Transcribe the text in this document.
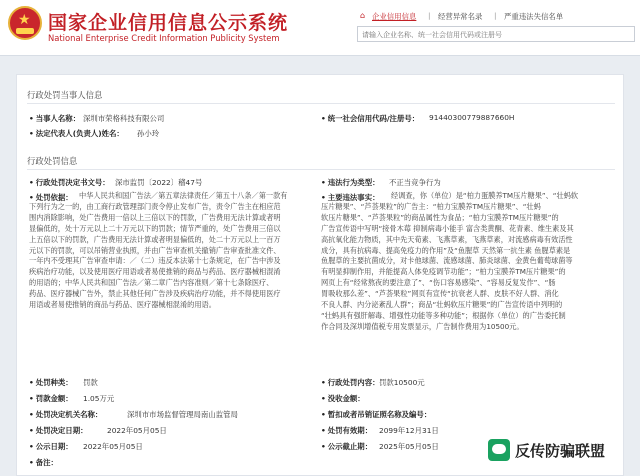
★ 国家企业信用信息公示系统
National Enterprise Credit Information Publicity System
⌂ 企业信用信息 | 经营异常名录 | 严重违法失信名单
请输入企业名称、统一社会信用代码或注册号
行政处罚当事人信息
• 当事人名称： 深圳市荣格科技有限公司	• 统一社会信用代码/注册号： 91440300779887660H
• 法定代表人(负责人)姓名： 孙小玲
行政处罚信息
• 行政处罚决定书文号： 深市监罚〔2022〕稽47号	• 违法行为类型： 不正当竞争行为
• 处罚依据： 中华人民共和国广告法／第五章法律责任／第五十八条／第一款有
下列行为之一的，由工商行政管理部门责令停止发布广告，责令广告主在相应范
围内消除影响，处广告费用一倍以上三倍以下的罚款，广告费用无法计算或者明
显偏低的，处十万元以上二十万元以下的罚款；情节严重的，处广告费用三倍以
上五倍以下的罚款，广告费用无法计算或者明显偏低的，处二十万元以上一百万
元以下的罚款，可以吊销营业执照，并由广告审查机关撤销广告审查批准文件、
一年内不受理其广告审查申请：／（二）违反本法第十七条规定，在广告中涉及
疾病治疗功能，以及使用医疗用语或者易使推销的商品与药品、医疗器械相混淆
的用语的；中华人民共和国广告法／第二章广告内容准则／第十七条除医疗、
药品、医疗器械广告外，禁止其他任何广告涉及疾病治疗功能，并不得使用医疗
用语或者易使推销的商品与药品、医疗器械相混淆的用语。
• 主要违法事实：	经调查，你（单位）是“柏力蛋膜养TM压片糖果”、“壮蚂软
压片糖果”、“芦荟果粒”的广告主：“柏力宝膜养TM压片糖果”、“壮蚂
软压片糖果”、“芦荟果粒”的商品属性为食品；“柏力宝膜养TM压片糖果”的
广告宣传语中写明“接骨木莓 抑制病毒小能手 富含类黄酮、花青素、维生素及其
高抗氧化能力物质，其中先天荀素、飞燕草素，飞燕草素，对流感病毒有效活性
成分，具有抗病毒、提高免疫力的作用”及“鱼腥草 天然第一抗生素 鱼腥草素是
鱼腥草的主要抗菌成分，对卡他球菌、流感球菌、肺炎球菌、金黄色葡萄球菌等
有明显抑制作用，并能提高人体免疫调节功能”；“柏力宝膜养TM压片糖果”的
网页上有“经常熬夜的要注意了”、“伤口容易感染”、“容易反复发作”、“肠
胃吸收那么差”、“芦荟果粒”网页有宣传“抗衰老人群、皮肤不好人群、消化
不良人群、内分泌紊乱人群”；商品“壮蚂软压片糖果”的广告宣传语中列明的
“壮蚂具有强肝解毒、增强性功能等多种功能”；根据你（单位）的广告委托制
作合同及深圳增值税专用发票显示，广告制作费用为10500元。
• 处罚种类： 罚款	• 行政处罚内容： 罚款10500元
• 罚款金额： 1.05万元	• 没收金额：
• 处罚决定机关名称：	深圳市市场监督管理局南山监管局	• 暂扣或者吊销证照名称及编号：
• 处罚决定日期：	2022年05月05日	• 处罚有效期： 2099年12月31日
• 公示日期： 2022年05月05日	• 公示截止期： 2025年05月05日
• 备注：
反传防骗联盟
